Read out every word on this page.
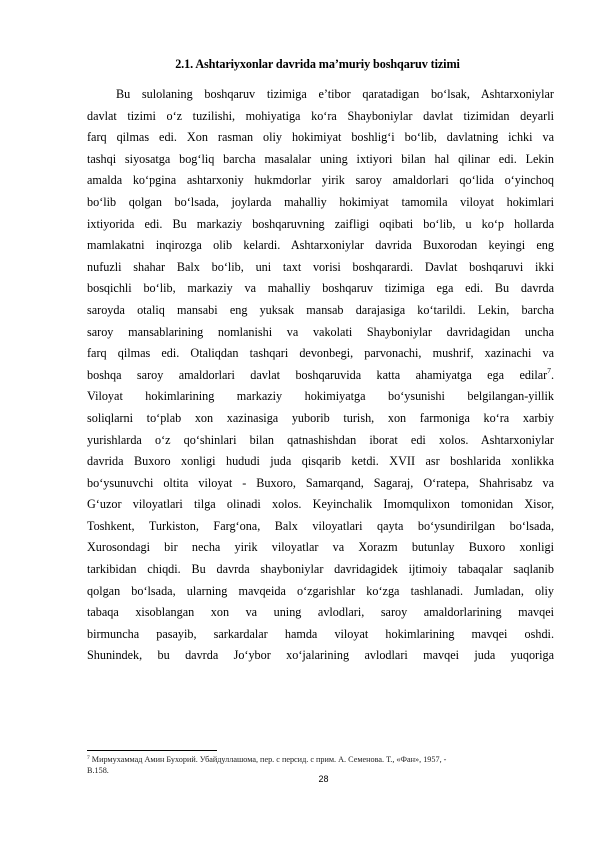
2.1. Ashtariyxonlar davrida ma’muriy boshqaruv tizimi
Bu sulolaning boshqaruv tizimiga e’tibor qaratadigan bo‘lsak, Ashtarxoniylar
davlat tizimi o‘z tuzilishi, mohiyatiga ko‘ra Shayboniylar davlat tizimidan deyarli
farq qilmas edi. Xon rasman oliy hokimiyat boshlig‘i bo‘lib, davlatning ichki va
tashqi siyosatga bog‘liq barcha masalalar uning ixtiyori bilan hal qilinar edi. Lekin
amalda ko‘pgina ashtarxoniy hukmdorlar yirik saroy amaldorlari qo‘lida o‘yinchoq
bo‘lib qolgan bo‘lsada, joylarda mahalliy hokimiyat tamomila viloyat hokimlari
ixtiyorida edi. Bu markaziy boshqaruvning zaifligi oqibati bo‘lib, u ko‘p hollarda
mamlakatni inqirozga olib kelardi. Ashtarxoniylar davrida Buxorodan keyingi eng
nufuzli shahar Balx bo‘lib, uni taxt vorisi boshqarardi. Davlat boshqaruvi ikki
bosqichli bo‘lib, markaziy va mahalliy boshqaruv tizimiga ega edi. Bu davrda
saroyda otaliq mansabi eng yuksak mansab darajasiga ko‘tarildi. Lekin, barcha
saroy mansablarining nomlanishi va vakolati Shayboniylar davridagidan uncha
farq qilmas edi. Otaliqdan tashqari devonbegi, parvonachi, mushrif, xazinachi va
boshqa saroy amaldorlari davlat boshqaruvida katta ahamiyatga ega edilar$^7$.
Viloyat hokimlarining markaziy hokimiyatga bo‘ysunishi belgilangan-yillik
soliqlarni to‘plab xon xazinasiga yuborib turish, xon farmoniga ko‘ra xarbiy
yurishlarda o‘z qo‘shinlari bilan qatnashishdan iborat edi xolos. Ashtarxoniylar
davrida Buxoro xonligi hududi juda qisqarib ketdi. XVII asr boshlarida xonlikka
bo‘ysunuvchi oltita viloyat - Buxoro, Samarqand, Sagaraj, O‘ratepa, Shahrisabz va
G‘uzor viloyatlari tilga olinadi xolos. Keyinchalik Imomqulixon tomonidan Xisor,
Toshkent, Turkiston, Farg‘ona, Balx viloyatlari qayta bo‘ysundirilgan bo‘lsada,
Xurosondagi bir necha yirik viloyatlar va Xorazm butunlay Buxoro xonligi
tarkibidan chiqdi. Bu davrda shayboniylar davridagidek ijtimoiy tabaqalar saqlanib
qolgan bo‘lsada, ularning mavqeida o‘zgarishlar ko‘zga tashlanadi. Jumladan, oliy
tabaqa xisoblangan xon va uning avlodlari, saroy amaldorlarining mavqei
birmuncha pasayib, sarkardalar hamda viloyat hokimlarining mavqei oshdi.
Shunindek, bu davrda Jo‘ybor xo‘jalarining avlodlari mavqei juda yuqoriga
$^7$ Мирмухаммад Амин Бухорий. Убайдуллашома, пер. с персид. с прим. А. Семенова. Т., «Фан», 1957, -
В.158.
28
